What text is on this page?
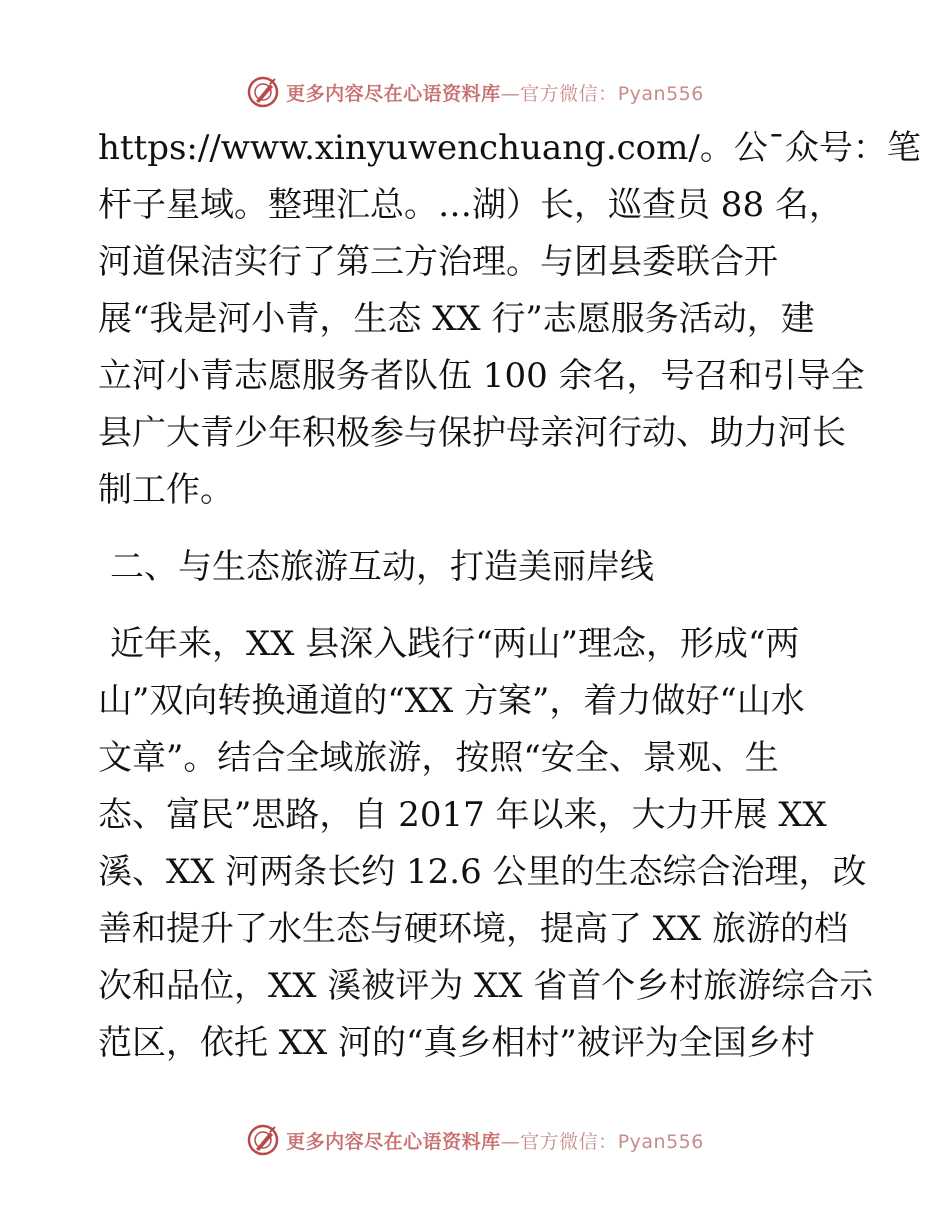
更多内容尽在心语资料库—官方微信：Pyan556
https://www.xinyuwenchuang.com/。公¯众号：笔
杆子星域。整理汇总。…湖）长，巡查员 88 名，
河道保洁实行了第三方治理。与团县委联合开
展“我是河小青，生态 XX 行”志愿服务活动，建
立河小青志愿服务者队伍 100 余名，号召和引导全
县广大青少年积极参与保护母亲河行动、助力河长
制工作。
二、与生态旅游互动，打造美丽岸线
近年来，XX 县深入践行“两山”理念，形成“两
山”双向转换通道的“XX 方案”，着力做好“山水
文章”。结合全域旅游，按照“安全、景观、生
态、富民”思路，自 2017 年以来，大力开展 XX
溪、XX 河两条长约 12.6 公里的生态综合治理，改
善和提升了水生态与硬环境，提高了 XX 旅游的档
次和品位，XX 溪被评为 XX 省首个乡村旅游综合示
范区，依托 XX 河的“真乡相村”被评为全国乡村
更多内容尽在心语资料库—官方微信：Pyan556
